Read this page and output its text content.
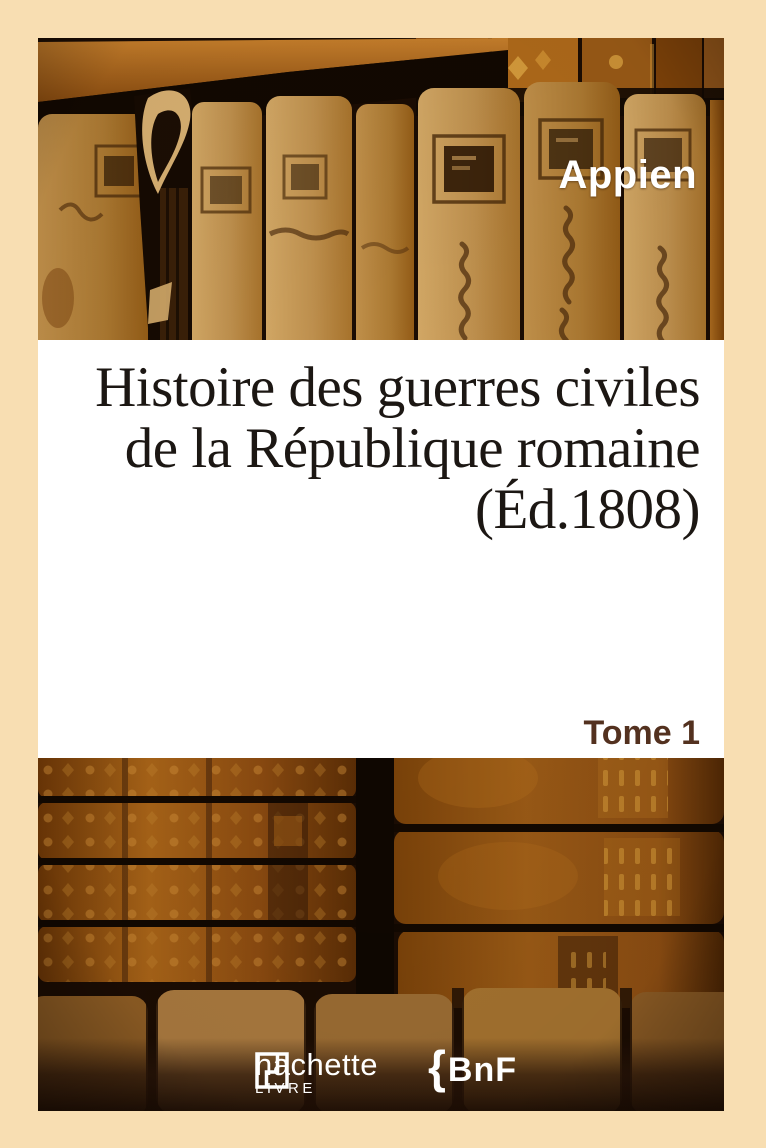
Appien
Histoire des guerres civiles
de la République romaine
(Éd.1808)
Tome 1
hachette
LIVRE	{ BnF
